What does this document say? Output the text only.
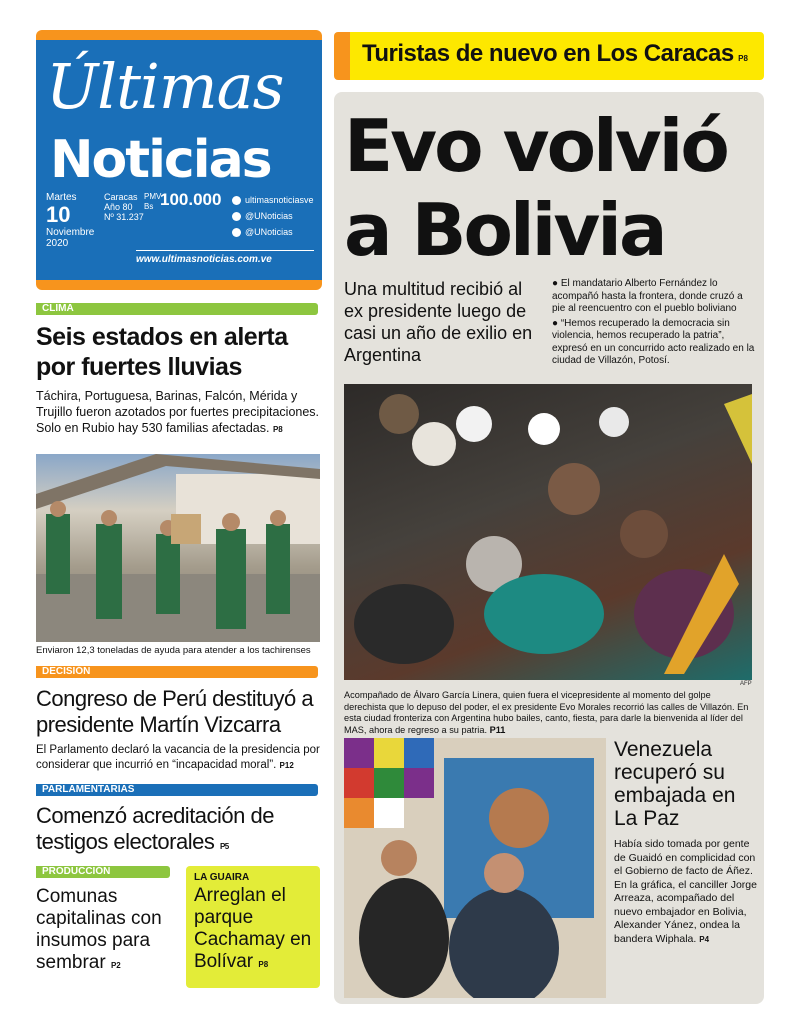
Últimas
Noticias
Martes
10
Noviembre
2020
Caracas
Año 80
Nº 31.237
PMV
Bs 100.000	ultimasnoticiasve
@UNoticias
@UNoticias
www.ultimasnoticias.com.ve
Turistas de nuevo en Los Caracas P8
Evo volvió
a Bolivia
Una multitud recibió al ex presidente luego de casi un año de exilio en Argentina
● El mandatario Alberto Fernández lo acompañó hasta la frontera, donde cruzó a pie al reencuentro con el pueblo boliviano
● “Hemos recuperado la democracia sin violencia, hemos recuperado la patria”, expresó en un concurrido acto realizado en la ciudad de Villazón, Potosí.
AFP
Acompañado de Álvaro García Linera, quien fuera el vicepresidente al momento del golpe derechista que lo depuso del poder, el ex presidente Evo Morales recorrió las calles de Villazón. En esta ciudad fronteriza con Argentina hubo bailes, canto, fiesta, para darle la bienvenida al líder del MAS, ahora de regreso a su patria. P11
Venezuela recuperó su embajada en La Paz
Había sido tomada por gente de Guaidó en complicidad con el Gobierno de facto de Áñez. En la gráfica, el canciller Jorge Arreaza, acompañado del nuevo embajador en Bolivia, Alexander Yánez, ondea la bandera Wiphala. P4
CLIMA
Seis estados en alerta por fuertes lluvias
Táchira, Portuguesa, Barinas, Falcón, Mérida y Trujillo fueron azotados por fuertes precipitaciones. Solo en Rubio hay 530 familias afectadas. P8
Enviaron 12,3 toneladas de ayuda para atender a los tachirenses
DECISIÓN
Congreso de Perú destituyó a presidente Martín Vizcarra
El Parlamento declaró la vacancia de la presidencia por considerar que incurrió en “incapacidad moral”. P12
PARLAMENTARIAS
Comenzó acreditación de testigos electorales P5
PRODUCCIÓN
Comunas capitalinas con insumos para sembrar P2
LA GUAIRA
Arreglan el parque Cachamay en Bolívar P8
